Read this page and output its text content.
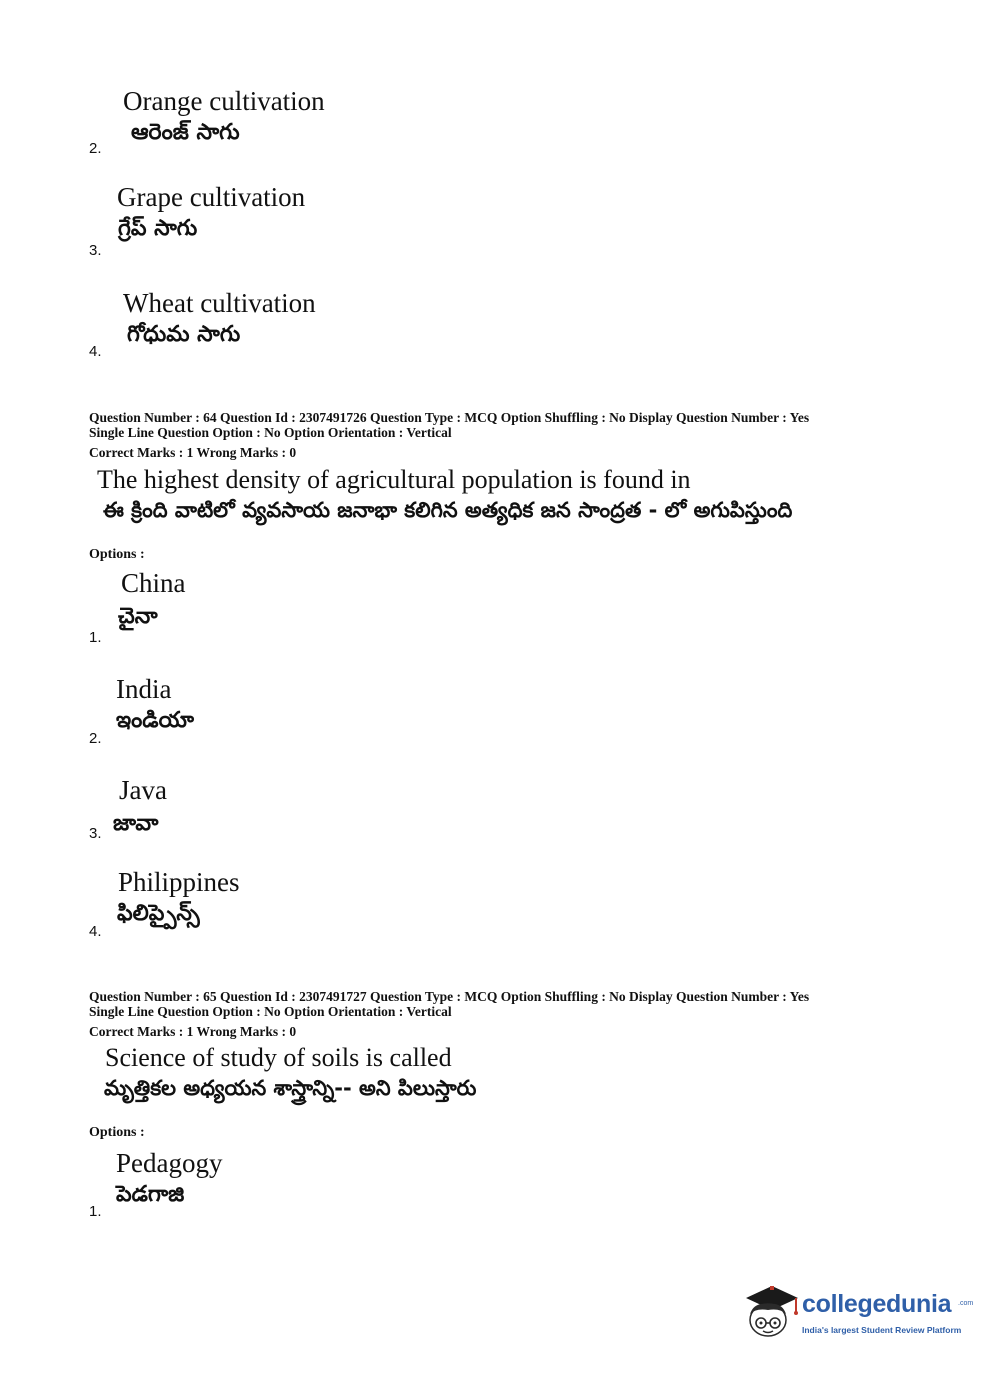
Orange cultivation
ఆరెంజ్ సాగు
2.
Grape cultivation
గ్రేప్ సాగు
3.
Wheat cultivation
గోధుమ సాగు
4.
Question Number : 64 Question Id : 2307491726 Question Type : MCQ Option Shuffling : No Display Question Number : Yes
Single Line Question Option : No Option Orientation : Vertical
Correct Marks : 1 Wrong Marks : 0
The highest density of agricultural population is found in
ఈ క్రింది వాటిలో వ్యవసాయ జనాభా కలిగిన అత్యధిక జన సాంద్రత - లో అగుపిస్తుంది
Options :
China
చైనా
1.
India
ఇండియా
2.
Java
జావా
3.
Philippines
ఫిలిప్పైన్స్
4.
Question Number : 65 Question Id : 2307491727 Question Type : MCQ Option Shuffling : No Display Question Number : Yes
Single Line Question Option : No Option Orientation : Vertical
Correct Marks : 1 Wrong Marks : 0
Science of study of soils is called
మృత్తికల అధ్యయన శాస్త్రాన్ని-- అని పిలుస్తారు
Options :
Pedagogy
పెడగాజి
1.
collegedunia .com
India's largest Student Review Platform
